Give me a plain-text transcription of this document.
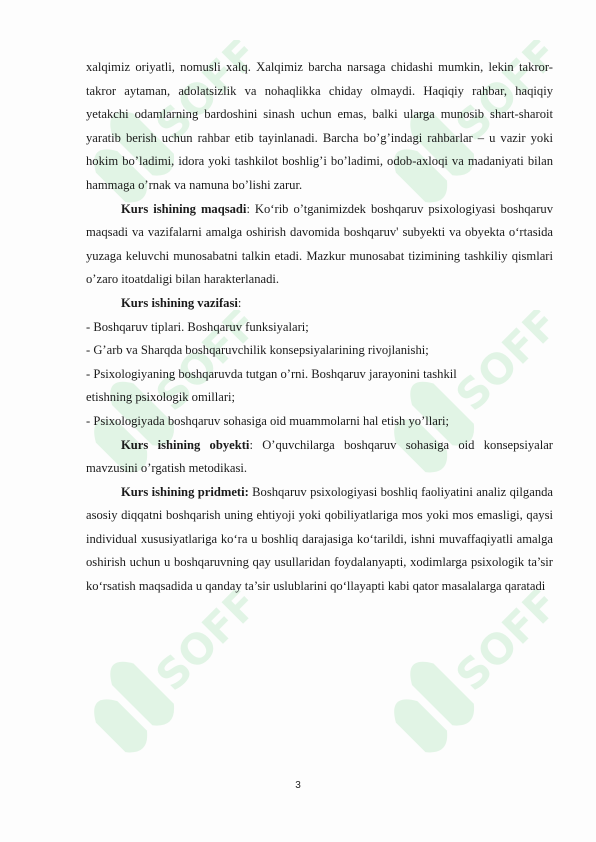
xalqimiz oriyatli, nomusli xalq. Xalqimiz barcha narsaga chidashi mumkin, lekin takror-takror aytaman, adolatsizlik va nohaqlikka chiday olmaydi. Haqiqiy rahbar, haqiqiy yetakchi odamlarning bardoshini sinash uchun emas, balki ularga munosib shart-sharoit yaratib berish uchun rahbar etib tayinlanadi. Barcha bo’g’indagi rahbarlar – u vazir yoki hokim bo’ladimi, idora yoki tashkilot boshlig’i bo’ladimi, odob-axloqi va madaniyati bilan hammaga o’rnak va namuna bo’lishi zarur.

Kurs ishining maqsadi: Ko‘rib o’tganimizdek boshqaruv psixologiyasi boshqaruv maqsadi va vazifalarni amalga oshirish davomida boshqaruv' subyekti va obyekta o‘rtasida yuzaga keluvchi munosabatni talkin etadi. Mazkur munosabat tizimining tashkiliy qismlari o’zaro itoatdaligi bilan harakterlanadi.

Kurs ishining vazifasi:

- Boshqaruv tiplari. Boshqaruv funksiyalari;

- G’arb va Sharqda boshqaruvchilik konsepsiyalarining rivojlanishi;

- Psixologiyaning boshqaruvda tutgan o’rni. Boshqaruv jarayonini tashkil

etishning psixologik omillari;

- Psixologiyada boshqaruv sohasiga oid muammolarni hal etish yo’llari;

Kurs ishining obyekti: O’quvchilarga boshqaruv sohasiga oid konsepsiyalar mavzusini o’rgatish metodikasi.

Kurs ishining pridmeti: Boshqaruv psixologiyasi boshliq faoliyatini analiz qilganda asosiy diqqatni boshqarish uning ehtiyoji yoki qobiliyatlariga mos yoki mos emasligi, qaysi individual xususiyatlariga ko‘ra u boshliq darajasiga ko‘tarildi, ishni muvaffaqiyatli amalga oshirish uchun u boshqaruvning qay usullaridan foydalanyapti, xodimlarga psixologik ta’sir ko‘rsatish maqsadida u qanday ta’sir uslublarini qo‘llayapti kabi qator masalalarga qaratadi

3
